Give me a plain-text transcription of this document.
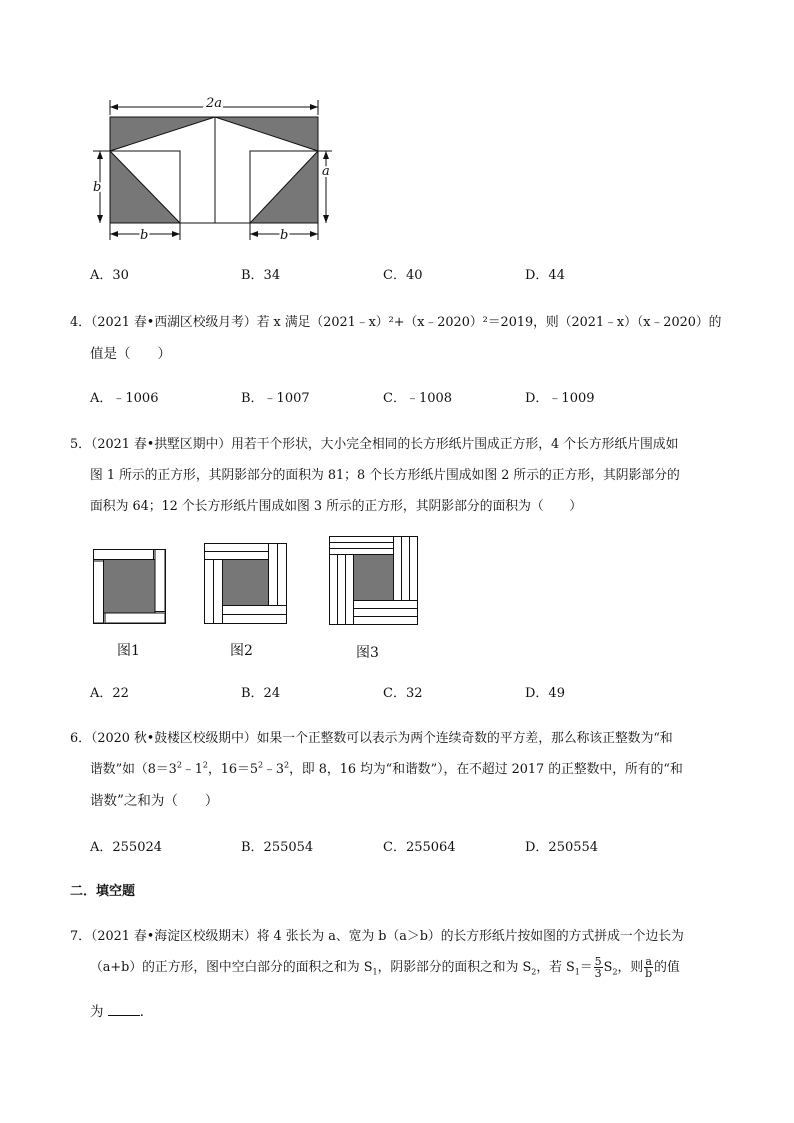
2a
b
a
b	b
A．30	B．34	C．40	D．44
4．（2021 春•西湖区校级月考）若 x 满足（2021﹣x）²+（x﹣2020）²＝2019，则（2021﹣x）（x﹣2020）的
值是（　　）
A．﹣1006	B．﹣1007	C．﹣1008	D．﹣1009
5．（2021 春•拱墅区期中）用若干个形状，大小完全相同的长方形纸片围成正方形，4 个长方形纸片围成如
图 1 所示的正方形，其阴影部分的面积为 81；8 个长方形纸片围成如图 2 所示的正方形，其阴影部分的
面积为 64；12 个长方形纸片围成如图 3 所示的正方形，其阴影部分的面积为（　　）
图1	图2	图3
A．22	B．24	C．32	D．49
6．（2020 秋•鼓楼区校级期中）如果一个正整数可以表示为两个连续奇数的平方差，那么称该正整数为“和
谐数”如（$8=3^2﹣1^2$，$16=5^2﹣3^2$，即 8，16 均为“和谐数”），在不超过 2017 的正整数中，所有的“和
谐数”之和为（　　）
A．255024	B．255054	C．255064	D．250554
二．填空题
7．（2021 春•海淀区校级期末）将 4 张长为 a、宽为 b（a＞b）的长方形纸片按如图的方式拼成一个边长为
（a+b）的正方形，图中空白部分的面积之和为 $S_1$，阴影部分的面积之和为 $S_2$，若 $S_1= \frac{5}{3} S_2$，则 $\frac{a}{b}$ 的值
为	．
